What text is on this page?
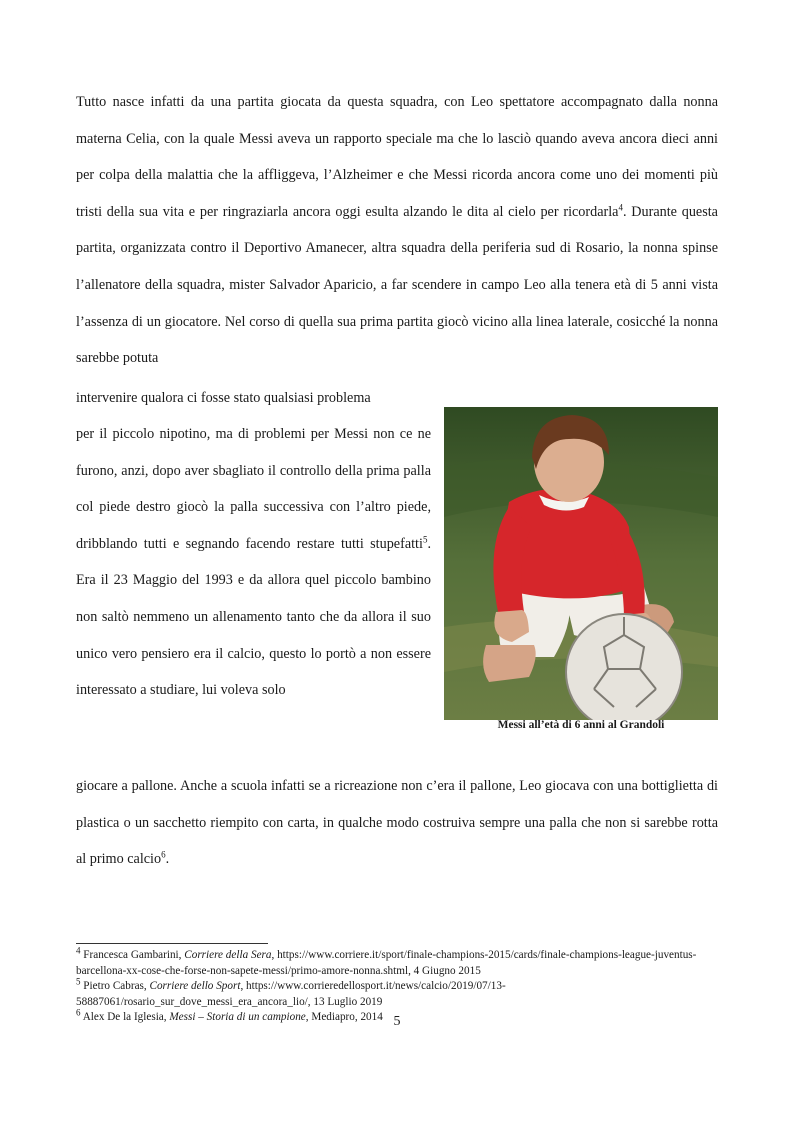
Tutto nasce infatti da una partita giocata da questa squadra, con Leo spettatore accompagnato dalla nonna materna Celia, con la quale Messi aveva un rapporto speciale ma che lo lasciò quando aveva ancora dieci anni per colpa della malattia che la affliggeva, l’Alzheimer e che Messi ricorda ancora come uno dei momenti più tristi della sua vita e per ringraziarla ancora oggi esulta alzando le dita al cielo per ricordarla$^4$. Durante questa partita, organizzata contro il Deportivo Amanecer, altra squadra della periferia sud di Rosario, la nonna spinse l’allenatore della squadra, mister Salvador Aparicio, a far scendere in campo Leo alla tenera età di 5 anni vista l’assenza di un giocatore. Nel corso di quella sua prima partita giocò vicino alla linea laterale, cosicché la nonna sarebbe potuta

intervenire qualora ci fosse stato qualsiasi problema

per il piccolo nipotino, ma di problemi per Messi non ce ne furono, anzi, dopo aver sbagliato il controllo della prima palla col piede destro giocò la palla successiva con l’altro piede, dribblando tutti e segnando facendo restare tutti stupefatti$^5$. Era il 23 Maggio del 1993 e da allora quel piccolo bambino non saltò nemmeno un allenamento tanto che da allora il suo unico vero pensiero era il calcio, questo lo portò a non essere interessato a studiare, lui voleva solo

Messi all’età di 6 anni al Grandoli

giocare a pallone. Anche a scuola infatti se a ricreazione non c’era il pallone, Leo giocava con una bottiglietta di plastica o un sacchetto riempito con carta, in qualche modo costruiva sempre una palla che non si sarebbe rotta al primo calcio$^6$.

$^4$ Francesca Gambarini, Corriere della Sera, https://www.corriere.it/sport/finale-champions-2015/cards/finale-champions-league-juventus-barcellona-xx-cose-che-forse-non-sapete-messi/primo-amore-nonna.shtml, 4 Giugno 2015

$^5$ Pietro Cabras, Corriere dello Sport, https://www.corrieredellosport.it/news/calcio/2019/07/13-58887061/rosario_sur_dove_messi_era_ancora_lio/, 13 Luglio 2019

$^6$ Alex De la Iglesia, Messi – Storia di un campione, Mediapro, 2014 5
